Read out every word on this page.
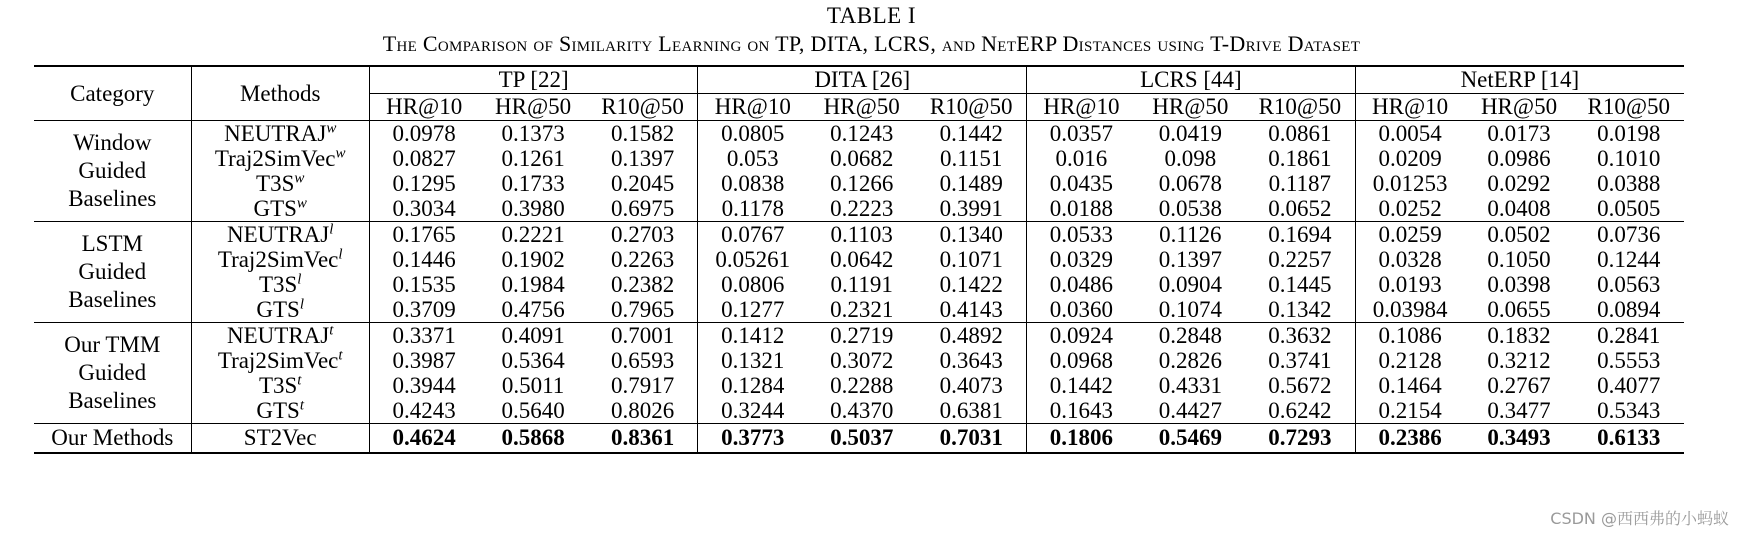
TABLE I
The Comparison of Similarity Learning on TP, DITA, LCRS, and NetERP Distances using T-Drive Dataset
Category	Methods	TP [22]			DITA [26]			LCRS [44]			NetERP [14]		
		HR@10	HR@50	R10@50	HR@10	HR@50	R10@50	HR@10	HR@50	R10@50	HR@10	HR@50	R10@50

Window
Guided
Baselines	NEUTRAJ$^w$	0.0978	0.1373	0.1582	0.0805	0.1243	0.1442	0.0357	0.0419	0.0861	0.0054	0.0173	0.0198
	Traj2SimVec$^w$	0.0827	0.1261	0.1397	0.053	0.0682	0.1151	0.016	0.098	0.1861	0.0209	0.0986	0.1010
	$T3S^w$	0.1295	0.1733	0.2045	0.0838	0.1266	0.1489	0.0435	0.0678	0.1187	0.01253	0.0292	0.0388
	GTS$^w$	0.3034	0.3980	0.6975	0.1178	0.2223	0.3991	0.0188	0.0538	0.0652	0.0252	0.0408	0.0505

LSTM
Guided
Baselines	NEUTRAJ$^l$	0.1765	0.2221	0.2703	0.0767	0.1103	0.1340	0.0533	0.1126	0.1694	0.0259	0.0502	0.0736
	Traj2SimVec$^l$	0.1446	0.1902	0.2263	0.05261	0.0642	0.1071	0.0329	0.1397	0.2257	0.0328	0.1050	0.1244
	$T3S^l$	0.1535	0.1984	0.2382	0.0806	0.1191	0.1422	0.0486	0.0904	0.1445	0.0193	0.0398	0.0563
	GTS$^l$	0.3709	0.4756	0.7965	0.1277	0.2321	0.4143	0.0360	0.1074	0.1342	0.03984	0.0655	0.0894

Our TMM
Guided
Baselines	NEUTRAJ$^t$	0.3371	0.4091	0.7001	0.1412	0.2719	0.4892	0.0924	0.2848	0.3632	0.1086	0.1832	0.2841
	Traj2SimVec$^t$	0.3987	0.5364	0.6593	0.1321	0.3072	0.3643	0.0968	0.2826	0.3741	0.2128	0.3212	0.5553
	$T3S^t$	0.3944	0.5011	0.7917	0.1284	0.2288	0.4073	0.1442	0.4331	0.5672	0.1464	0.2767	0.4077
	GTS$^t$	0.4243	0.5640	0.8026	0.3244	0.4370	0.6381	0.1643	0.4427	0.6242	0.2154	0.3477	0.5343

Our Methods	ST2Vec	0.4624	0.5868	0.8361	0.3773	0.5037	0.7031	0.1806	0.5469	0.7293	0.2386	0.3493	0.6133
CSDN @西西弗的小蚂蚁
